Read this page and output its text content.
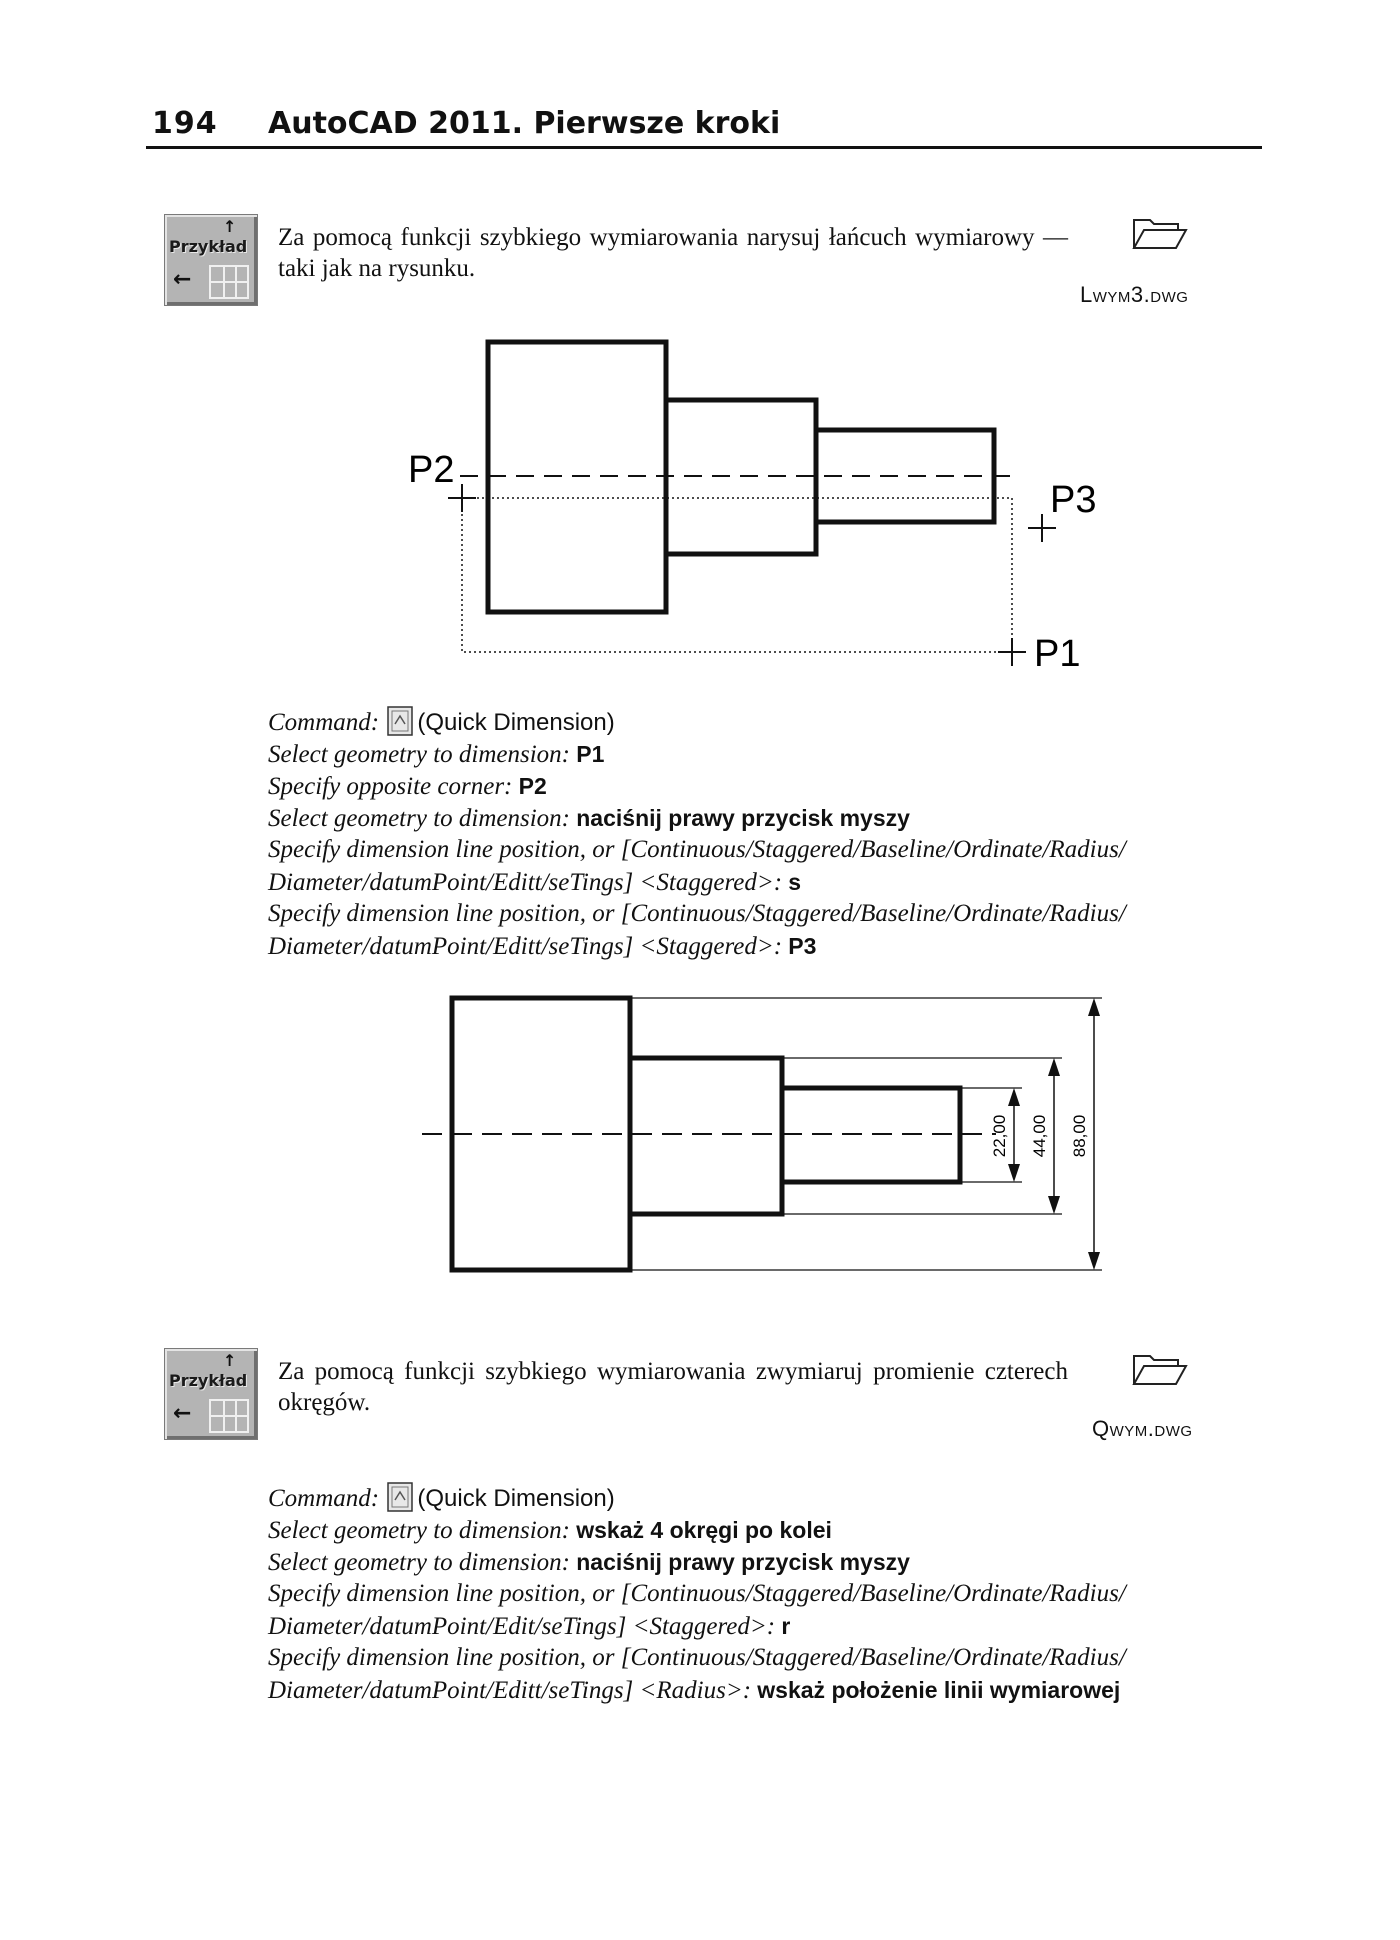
194 AutoCAD 2011. Pierwsze kroki
↑
Przykład
←
Za pomocą funkcji szybkiego wymiarowania narysuj łańcuch wymiarowy — taki jak na rysunku.
Lwym3.dwg
P2
P3
P1
Command: (Quick Dimension)
Select geometry to dimension: P1
Specify opposite corner: P2
Select geometry to dimension: naciśnij prawy przycisk myszy
Specify dimension line position, or [Continuous/Staggered/Baseline/Ordinate/Radius/
Diameter/datumPoint/Editt/seTings] <Staggered>: s
Specify dimension line position, or [Continuous/Staggered/Baseline/Ordinate/Radius/
Diameter/datumPoint/Editt/seTings] <Staggered>: P3
22,00 44,00 88,00
↑
Przykład
←
Za pomocą funkcji szybkiego wymiarowania zwymiaruj promienie czterech okręgów.
Qwym.dwg
Command: (Quick Dimension)
Select geometry to dimension: wskaż 4 okręgi po kolei
Select geometry to dimension: naciśnij prawy przycisk myszy
Specify dimension line position, or [Continuous/Staggered/Baseline/Ordinate/Radius/
Diameter/datumPoint/Edit/seTings] <Staggered>: r
Specify dimension line position, or [Continuous/Staggered/Baseline/Ordinate/Radius/
Diameter/datumPoint/Editt/seTings] <Radius>: wskaż położenie linii wymiarowej
